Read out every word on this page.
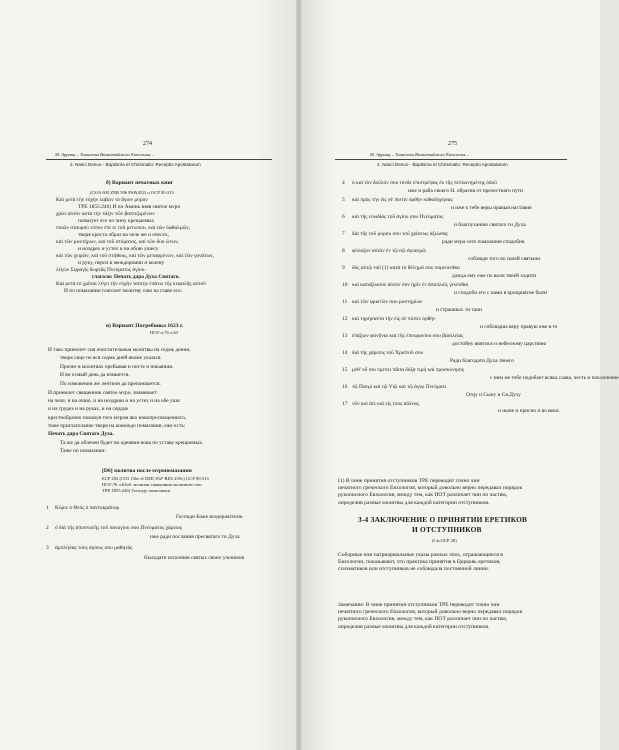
274
М. Арранц – Таинства Византийского Евхология –
2. Nasci Denuo - Baptisma et Chrismatio: Receptio Apostatarum
б) Вариант печатных книг
(GOA 692 ZER 596 PAP(452) σ OCP 90:313
Καὶ μετὰ τὴν εὐχὴν λαβὼν τὸ ἅγιον μύρον
ТРЕ 1855:246) И по Аминь взяв святое мvро
χρίει αὐτὸν κατὰ τὴν τάξιν τῶν βαπτιζομένων
помазует его по чину крещаемых
ποιῶν σταυροὺ τύπον ἐπὶ τε τοῦ μετώπου, καὶ τῶν ὀφθαλμῶν,
творя креста образ на челе же и очесех,
καὶ τῶν μυκτήρων, καὶ τοῦ στόματος, καὶ τῶν δύο ὤτων,
и ноздрех и устех и на обою ушесу
καὶ τῶν χειρῶν, καὶ τοῦ στήθους, καὶ τῶν μεταφρένων, καὶ τῶν γονάτων,
и руку, перси и междорамии и колену
λέγων Σφραγὶς δωρεᾶς Πνεύματος ἁγίου.
глаголя: Печать дара Духа Святаго.
Καὶ μετὰ τὸ χρῖσαι λέγει τὴν εὐχὴν ταύτην ἐπάνω τῆς κεφαλῆς αὐτοῦ
И по помазании глаголет молитву сию на главе его:
в) Вариант Потребника 1623 г.
ПОТ:л.76 л.63
И тако приемлет сия очистительныя молитвы на седмь дении,
творя сице по вся седмь дней якоже указася.
Прочее в молитвах пребывая и посте и покаянии.
И во осмый день да измыется.
По измовении же лентион да препоюшется.
И приемлет священник святое мvро, знаменает:
на челе, и на очию, и на ноздрию и на устех и на обе уши
и на грудех и на руках, и на сердце
крестообразно помазуя того мvром яко новопросвещенного,
тоже приглаголание творя на коемждо помазании, еже есть:
Печать дара Святаго Духа.
Та же да облечен будет во одеяния нова по уставу крещаемых.
Таже по помазании:
[D6] молитва после мvропомазания
ECP 292 (COI 136v el DMI 102⁹ BES 239v) GCP 90:313
ПОТ:76 л.63об. молитва священник молитвою сею
ТРЕ 1855:246) Господу помолимся
1 Κύριε ὁ Θεὸς ὁ παντοκράτωρ
Господи Боже вседержителю
2 ὁ διὰ τῆς ἀποστολῆς τοῦ παναγίου σου Πνεύματος χάριτος
иже ради послания пресвятаго ти Духа
3 ἀμπλήσας τοὺς ἁγίους σου μαθητὰς
благодати исполния святых своих учеников
275
М. Арранц – Таинства Византийского Евхология –
2. Nasci Denuo - Baptisma et Chrismatio: Receptio Apostatarum
4 ὁ καὶ τὸν δοῦλόν σου τόνδε ἐπιστρέψας ἐκ τῆς πεπλανημένης ὁδοῦ
иже и раба своего Н. обратив от прелестнаго пути
5 καὶ πρὸς τὴν εἰς σὲ πίστιν ὀρθὴν καθοδηγήσας
и иже к тебе веры правыя наставив
6 καὶ τῆς εὐωδίας τοῦ ἁγίου σου Πνεύματος
и благоуханию святаго ти Духа
7 διὰ τῆς τοῦ μύρου σου τοῦ χρίσεως ἀξιώσας
ради мvра сего помазания сподобив
8 φύλαξον αὐτὸν ἐν τῷ σῷ ἁγιασμῷ
соблюди того во своей святыни
9 δὸς αὐτῷ τοῦ (1) κατὰ τὸ θέλημά σου πορεύεσθαι
дажда ему еже по воли твоей ходити
10 καὶ καταξίωσον αὐτὸν σὺν ἡμῖν ἐν ἀποπλοῖς γενέσθαι
и сподоби его с нами в кроприятие быти
11 καὶ τῶν φρικτῶν σου μυστηρίων
и страшных ти таин
12 καὶ τηρήσαντα τὴν εἰς σὲ πίστιν ὀρθήν
и соблюдша веру правую еже в те
13 ἐπάξιον φανῆναι καὶ τῆς ἐπουρανίου σου βασιλείας
достойну явитися и небесному царствию
14 διὰ τῆς χάριτος τοῦ Χριστοῦ σου
Ради благодати Духа твоего
15 μεθ' οὗ σοι πρέπει πᾶσα δόξα τιμὴ καὶ προσκύνησις
с ним же тебе подобает всяка слава, честь и поклонение
16 τῷ Πατρὶ καὶ τῷ Υἱῷ καὶ τῷ ἁγίῳ Πνεύματι
Отцу и Сыну и Св.Духу
17 νῦν καὶ ἀεὶ καὶ εἰς τοὺς αἰῶνας.
и ныне и присно и во веки.
(1) В чине принятия отступников ТРЕ переводит точно чин
печатного греческого Евхология, который довольно верно передавал порядок
рукописного Евхология, между тем, как ПОТ различает чин по частям,
определив разные молитвы для каждой категории отступников.
3-4 ЗАКЛЮЧЕНИЕ О ПРИНЯТИИ ЕРЕТИКОВ
И ОТСТУПНИКОВ
(См.OCP 28)
Соборные или патриаршальные указы разных эпох, отражающиеся в
Евхологии, показывают, что практика принятия в Церковь еретиков,
схизматиков или отступников не соблюдала постоянной линии.
Замечание: В чине принятия отступников ТРЕ переводит точно чин
печатного греческого Евхология, который довольно верно передавал порядок
рукописного Евхология, между тем, как ПОТ различает чин по частям,
определив разные молитвы для каждой категории отступников.
